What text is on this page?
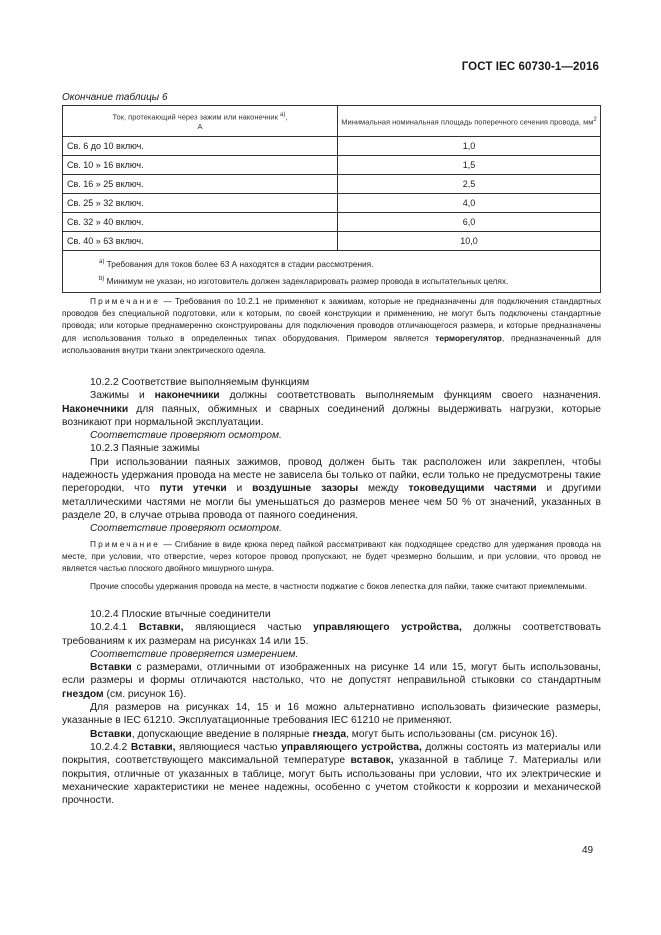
ГОСТ IEC 60730-1—2016
Окончание таблицы 6
Ток, протекающий через зажим или наконечник $^{a)}$,
А	Минимальная номинальная площадь поперечного сечения провода, $мм^2$
Св. 6 до 10 включ.	1,0
Св. 10 » 16 включ.	1,5
Св. 16 » 25 включ.	2,5
Св. 25 » 32 включ.	4,0
Св. 32 » 40 включ.	6,0
Св. 40 » 63 включ.	10,0

$^{a)}$ Требования для токов более 63 А находятся в стадии рассмотрения.
$^{b)}$ Минимум не указан, но изготовитель должен задекларировать размер провода в испытательных целях.	
Примечание — Требования по 10.2.1 не применяют к зажимам, которые не предназначены для подключения стандартных проводов без специальной подготовки, или к которым, по своей конструкции и применению, не могут быть подключены стандартные провода; или которые преднамеренно сконструированы для подключения проводов отличающегося размера, и которые предназначены для использования только в определенных типах оборудования. Примером является терморегулятор, предназначенный для использования внутри ткани электрического одеяла.

10.2.2 Соответствие выполняемым функциям

Зажимы и наконечники должны соответствовать выполняемым функциям своего назначения. Наконечники для паяных, обжимных и сварных соединений должны выдерживать нагрузки, которые возникают при нормальной эксплуатации.

Соответствие проверяют осмотром.

10.2.3 Паяные зажимы

При использовании паяных зажимов, провод должен быть так расположен или закреплен, чтобы надежность удержания провода на месте не зависела бы только от пайки, если только не предусмотрены такие перегородки, что пути утечки и воздушные зазоры между токоведущими частями и другими металлическими частями не могли бы уменьшаться до размеров менее чем 50 % от значений, указанных в разделе 20, в случае отрыва провода от паяного соединения.

Соответствие проверяют осмотром.

Примечание — Сгибание в виде крюка перед пайкой рассматривают как подходящее средство для удержания провода на месте, при условии, что отверстие, через которое провод пропускают, не будет чрезмерно большим, и при условии, что провод не является частью плоского двойного мишурного шнура.

Прочие способы удержания провода на месте, в частности поджатие с боков лепестка для пайки, также считают приемлемыми.

10.2.4 Плоские втычные соединители

10.2.4.1 Вставки, являющиеся частью управляющего устройства, должны соответствовать требованиям к их размерам на рисунках 14 или 15.

Соответствие проверяется измерением.

Вставки с размерами, отличными от изображенных на рисунке 14 или 15, могут быть использованы, если размеры и формы отличаются настолько, что не допустят неправильной стыковки со стандартным гнездом (см. рисунок 16).

Для размеров на рисунках 14, 15 и 16 можно альтернативно использовать физические размеры, указанные в IEC 61210. Эксплуатационные требования IEC 61210 не применяют.

Вставки, допускающие введение в полярные гнезда, могут быть использованы (см. рисунок 16).

10.2.4.2 Вставки, являющиеся частью управляющего устройства, должны состоять из материалы или покрытия, соответствующего максимальной температуре вставок, указанной в таблице 7. Материалы или покрытия, отличные от указанных в таблице, могут быть использованы при условии, что их электрические и механические характеристики не менее надежны, особенно с учетом стойкости к коррозии и механической прочности.

49
